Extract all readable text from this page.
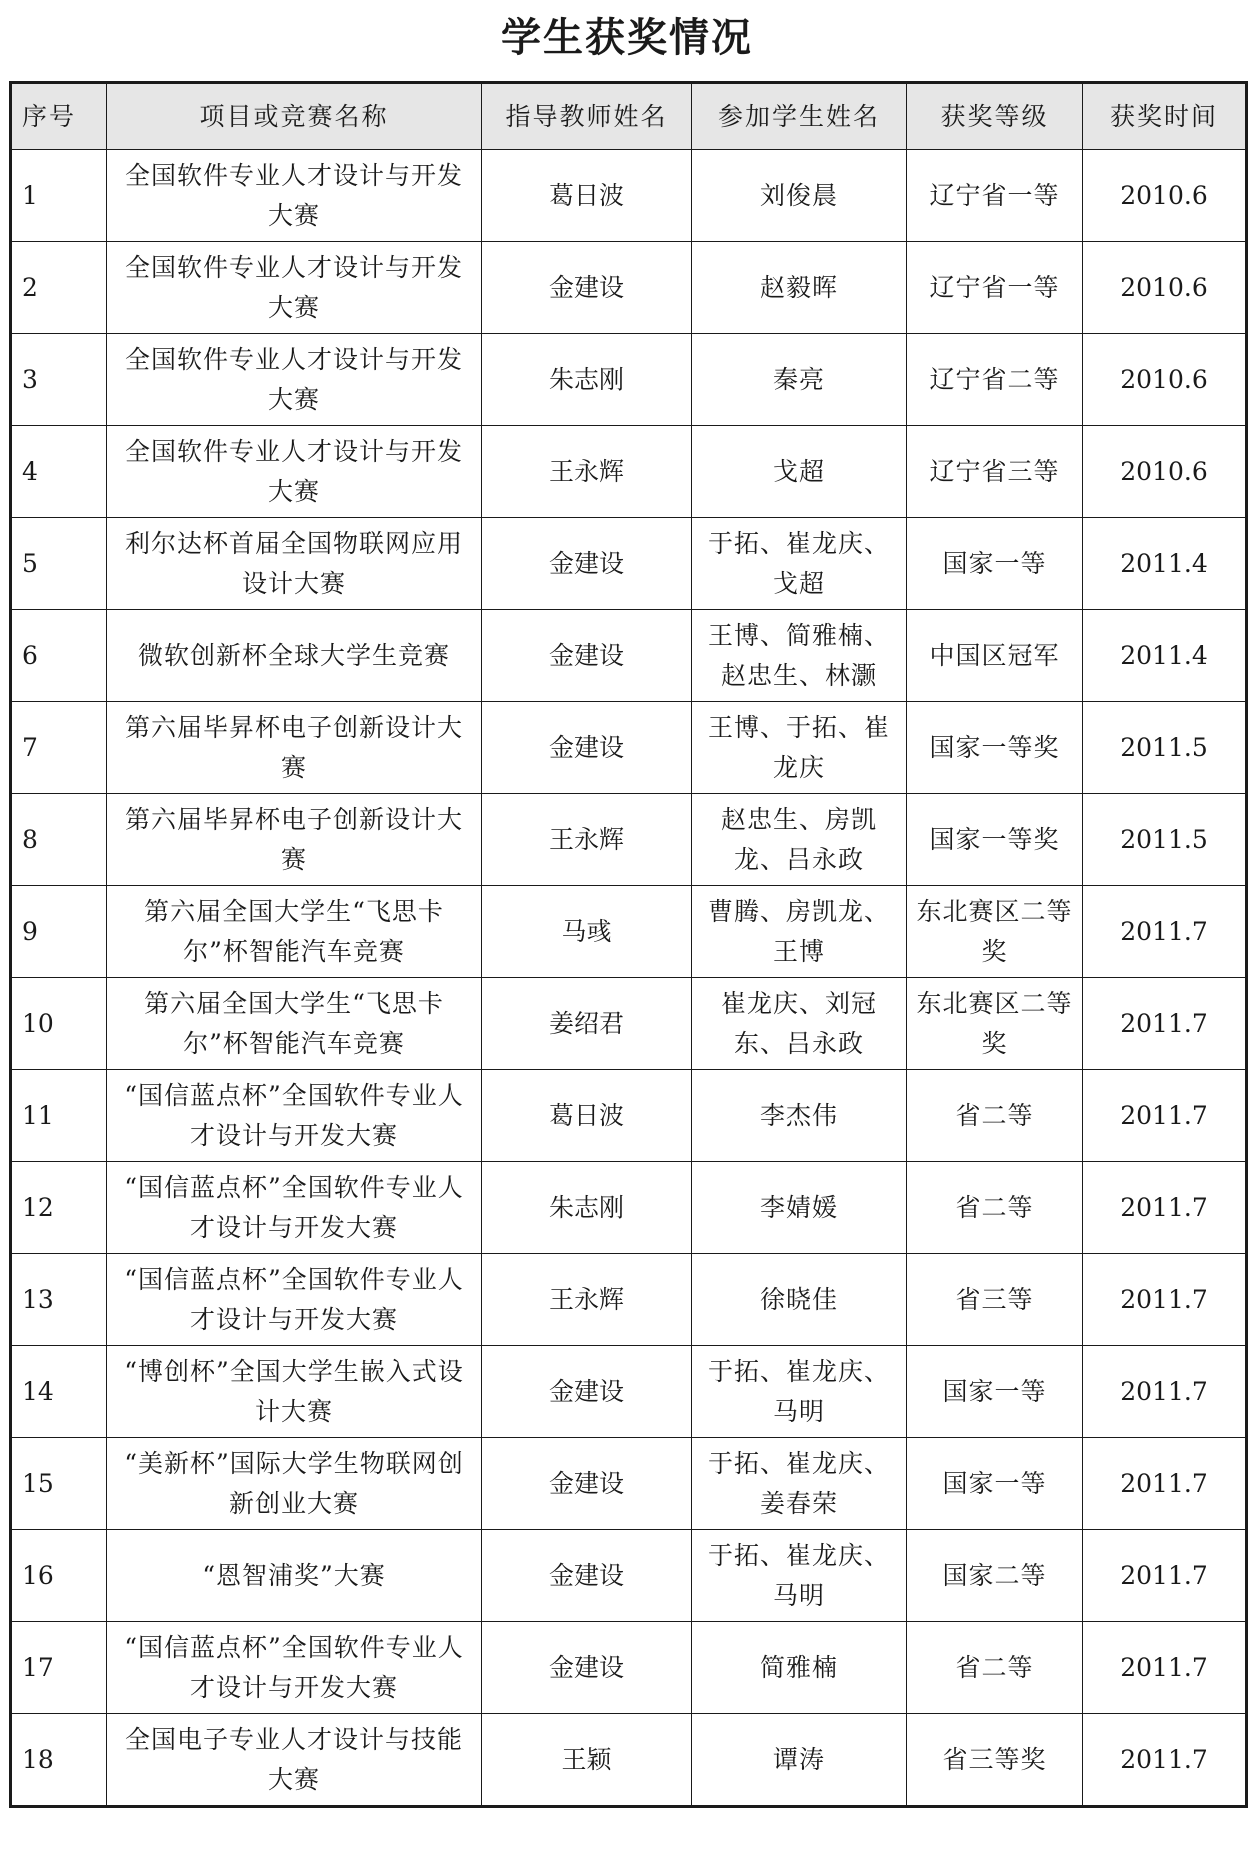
学生获奖情况
序号	项目或竞赛名称	指导教师姓名	参加学生姓名	获奖等级	获奖时间
1	全国软件专业人才设计与开发大赛	葛日波	刘俊晨	辽宁省一等	2010.6
2	全国软件专业人才设计与开发大赛	金建设	赵毅晖	辽宁省一等	2010.6
3	全国软件专业人才设计与开发大赛	朱志刚	秦亮	辽宁省二等	2010.6
4	全国软件专业人才设计与开发大赛	王永辉	戈超	辽宁省三等	2010.6
5	利尔达杯首届全国物联网应用设计大赛	金建设	于拓、崔龙庆、戈超	国家一等	2011.4
6	微软创新杯全球大学生竞赛	金建设	王博、简雅楠、赵忠生、林灏	中国区冠军	2011.4
7	第六届毕昇杯电子创新设计大赛	金建设	王博、于拓、崔龙庆	国家一等奖	2011.5
8	第六届毕昇杯电子创新设计大赛	王永辉	赵忠生、房凯龙、吕永政	国家一等奖	2011.5
9	第六届全国大学生“飞思卡尔”杯智能汽车竞赛	马彧	曹腾、房凯龙、王博	东北赛区二等奖	2011.7
10	第六届全国大学生“飞思卡尔”杯智能汽车竞赛	姜绍君	崔龙庆、刘冠东、吕永政	东北赛区二等奖	2011.7
11	“国信蓝点杯”全国软件专业人才设计与开发大赛	葛日波	李杰伟	省二等	2011.7
12	“国信蓝点杯”全国软件专业人才设计与开发大赛	朱志刚	李婧媛	省二等	2011.7
13	“国信蓝点杯”全国软件专业人才设计与开发大赛	王永辉	徐晓佳	省三等	2011.7
14	“博创杯”全国大学生嵌入式设计大赛	金建设	于拓、崔龙庆、马明	国家一等	2011.7
15	“美新杯”国际大学生物联网创新创业大赛	金建设	于拓、崔龙庆、姜春荣	国家一等	2011.7
16	“恩智浦奖”大赛	金建设	于拓、崔龙庆、马明	国家二等	2011.7
17	“国信蓝点杯”全国软件专业人才设计与开发大赛	金建设	简雅楠	省二等	2011.7
18	全国电子专业人才设计与技能大赛	王颖	谭涛	省三等奖	2011.7
